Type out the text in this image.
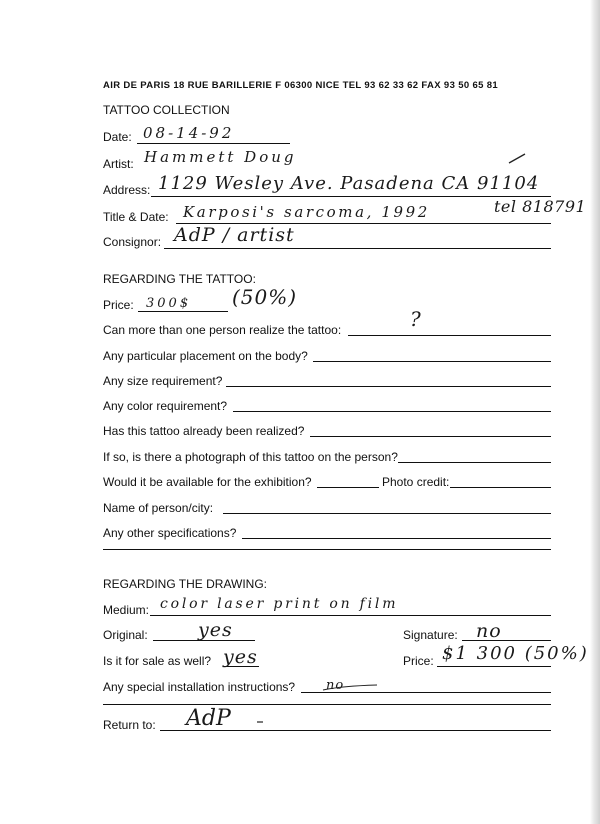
AIR DE PARIS 18 RUE BARILLERIE F 06300 NICE TEL 93 62 33 62 FAX 93 50 65 81
TATTOO COLLECTION
Date: 08-14-92
Artist: Hammett Doug
Address: 1129 Wesley Ave. Pasadena CA 91104
Title & Date: Karposi's sarcoma, 1992	tel 818791
Consignor: AdP / artist
REGARDING THE TATTOO:
Price: 300$ (50%)
Can more than one person realize the tattoo:	?
Any particular placement on the body?
Any size requirement?
Any color requirement?
Has this tattoo already been realized?
If so, is there a photograph of this tattoo on the person?
Would it be available for the exhibition?	Photo credit:
Name of person/city:
Any other specifications?
REGARDING THE DRAWING:
Medium: color laser print on film
Original:	yes	Signature: no
Is it for sale as well? yes	Price: $1 300 (50%)
Any special installation instructions? no
Return to: AdP
